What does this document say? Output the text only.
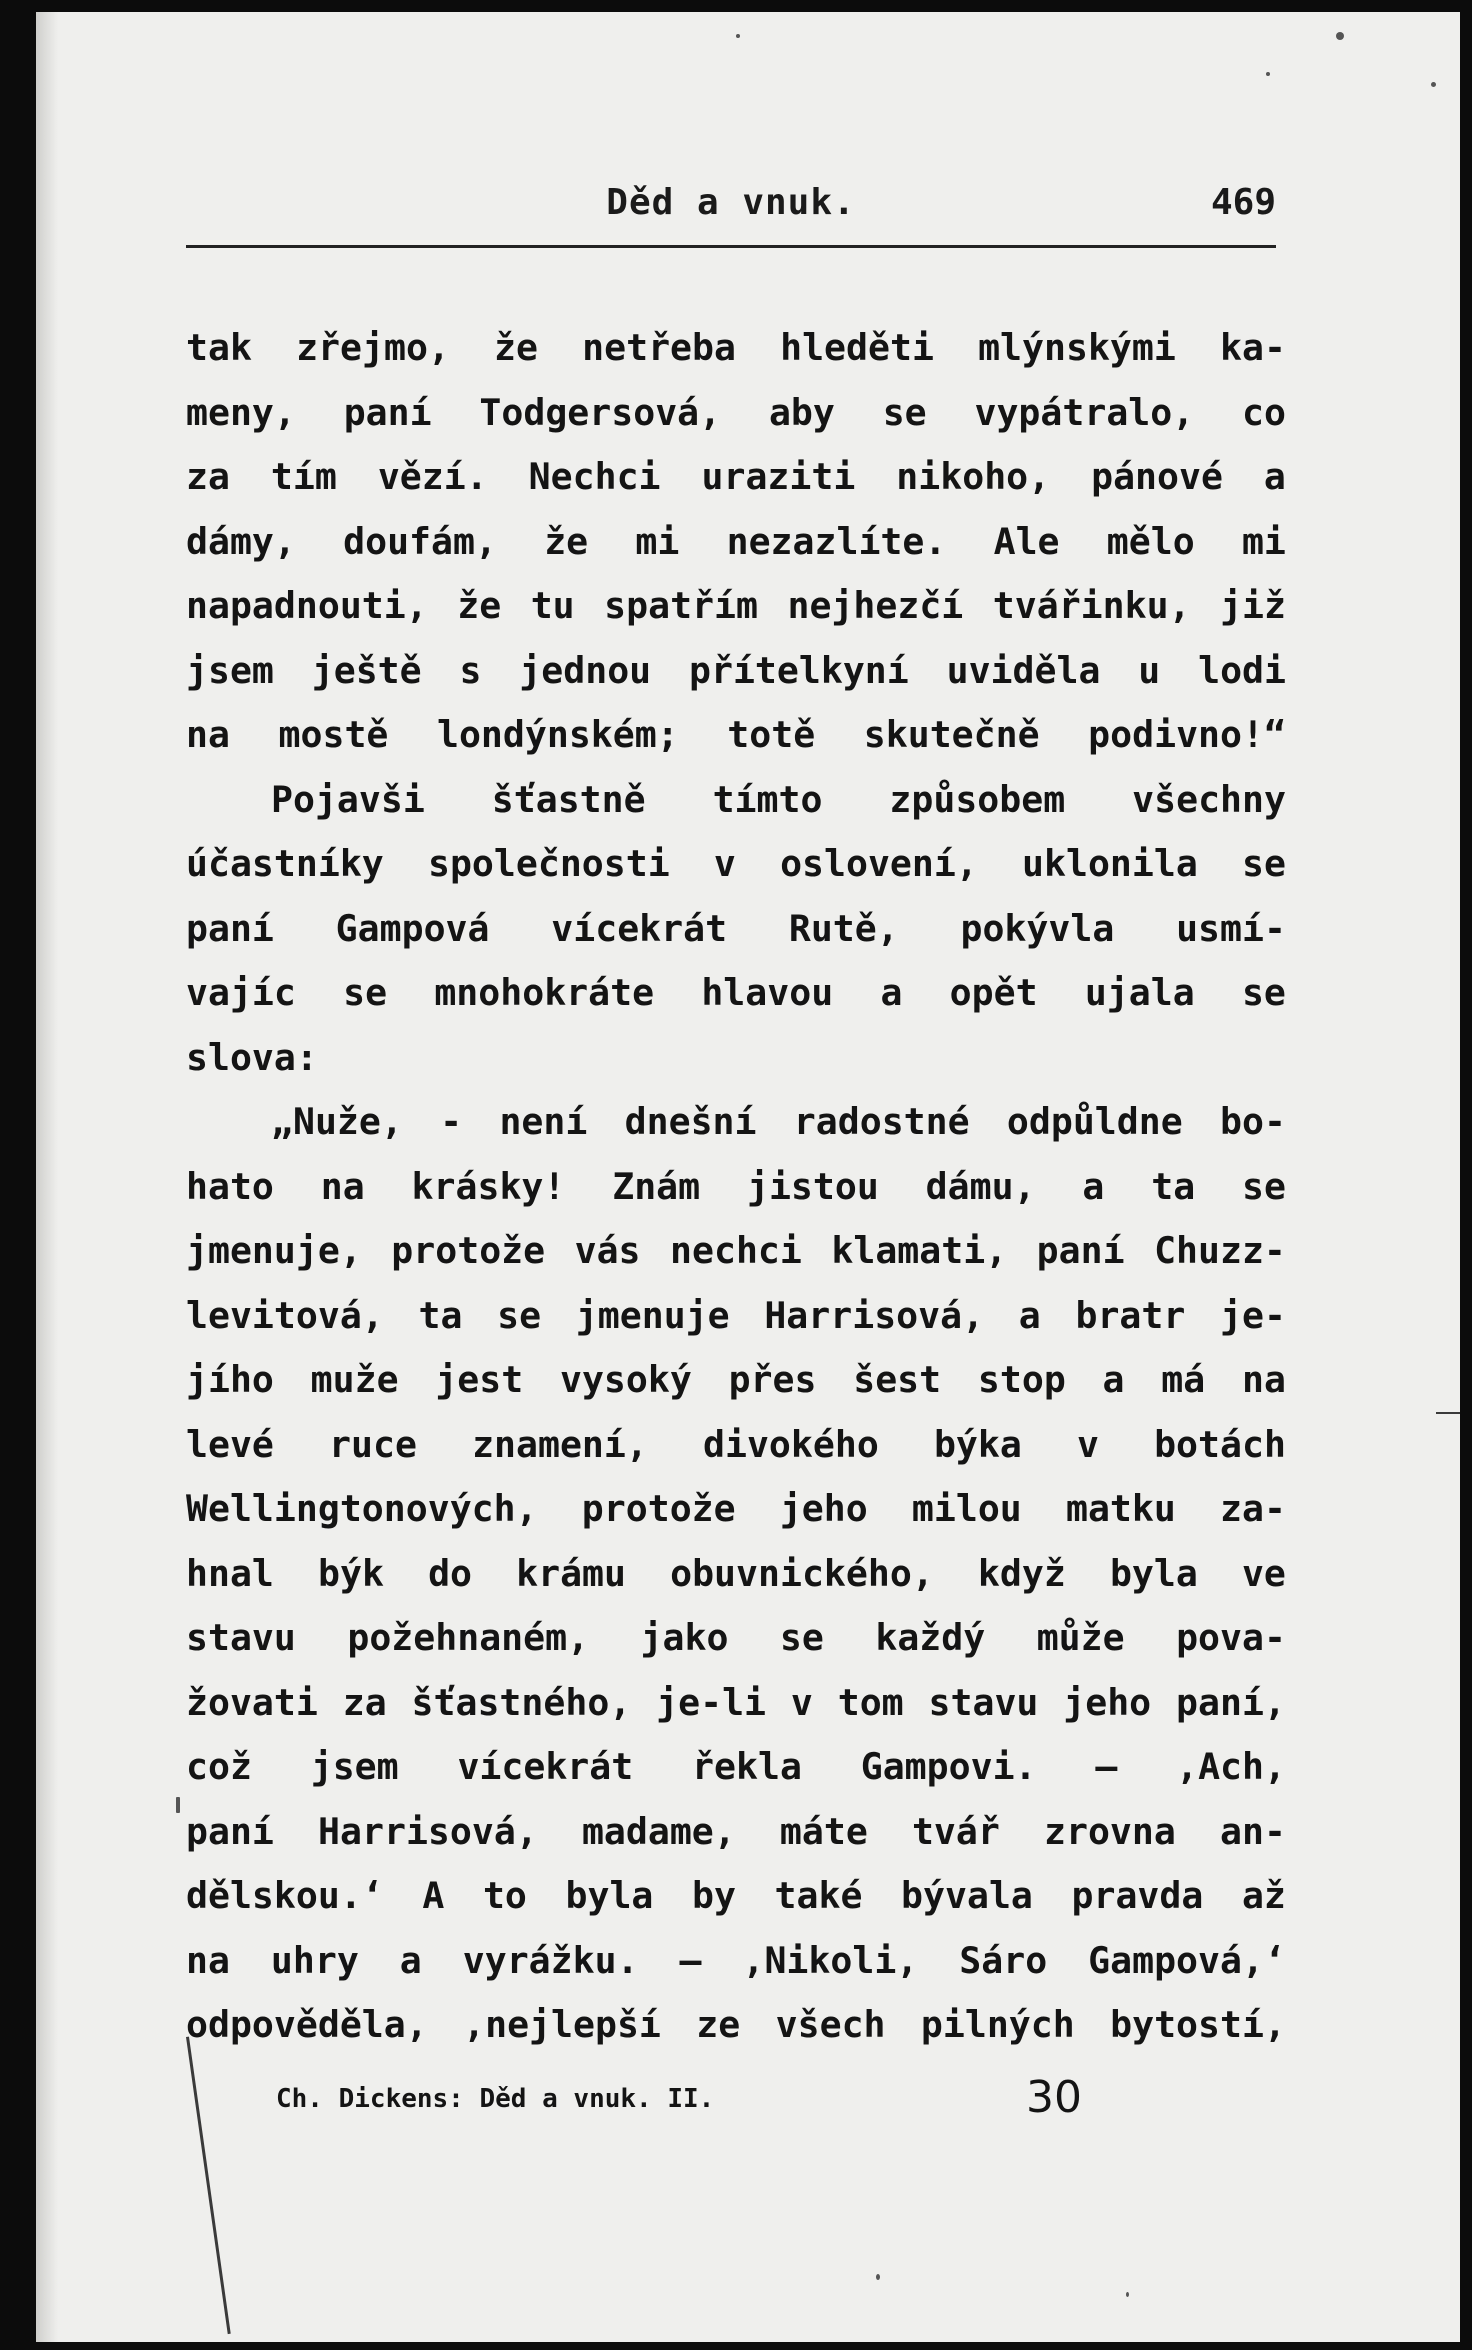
Děd a vnuk.	469
tak zřejmo, že netřeba hleděti mlýnskými ka-
meny, paní Todgersová, aby se vypátralo, co
za tím vězí. Nechci uraziti nikoho, pánové a
dámy, doufám, že mi nezazlíte. Ale mělo mi
napadnouti, že tu spatřím nejhezčí tvářinku, již
jsem ještě s jednou přítelkyní uviděla u lodi
na mostě londýnském; totě skutečně podivno!“
Pojavši šťastně tímto způsobem všechny
účastníky společnosti v oslovení, uklonila se
paní Gampová vícekrát Rutě, pokývla usmí-
vajíc se mnohokráte hlavou a opět ujala se
slova:
„Nuže, - není dnešní radostné odpůldne bo-
hato na krásky! Znám jistou dámu, a ta se
jmenuje, protože vás nechci klamati, paní Chuzz-
levitová, ta se jmenuje Harrisová, a bratr je-
jího muže jest vysoký přes šest stop a má na
levé ruce znamení, divokého býka v botách
Wellingtonových, protože jeho milou matku za-
hnal býk do krámu obuvnického, když byla ve
stavu požehnaném, jako se každý může pova-
žovati za šťastného, je-li v tom stavu jeho paní,
což jsem vícekrát řekla Gampovi. — ‚Ach,
paní Harrisová, madame, máte tvář zrovna an-
dělskou.‘ A to byla by také bývala pravda až
na uhry a vyrážku. — ‚Nikoli, Sáro Gampová,‘
odpověděla, ‚nejlepší ze všech pilných bytostí,
Ch. Dickens: Děd a vnuk. II.	30
